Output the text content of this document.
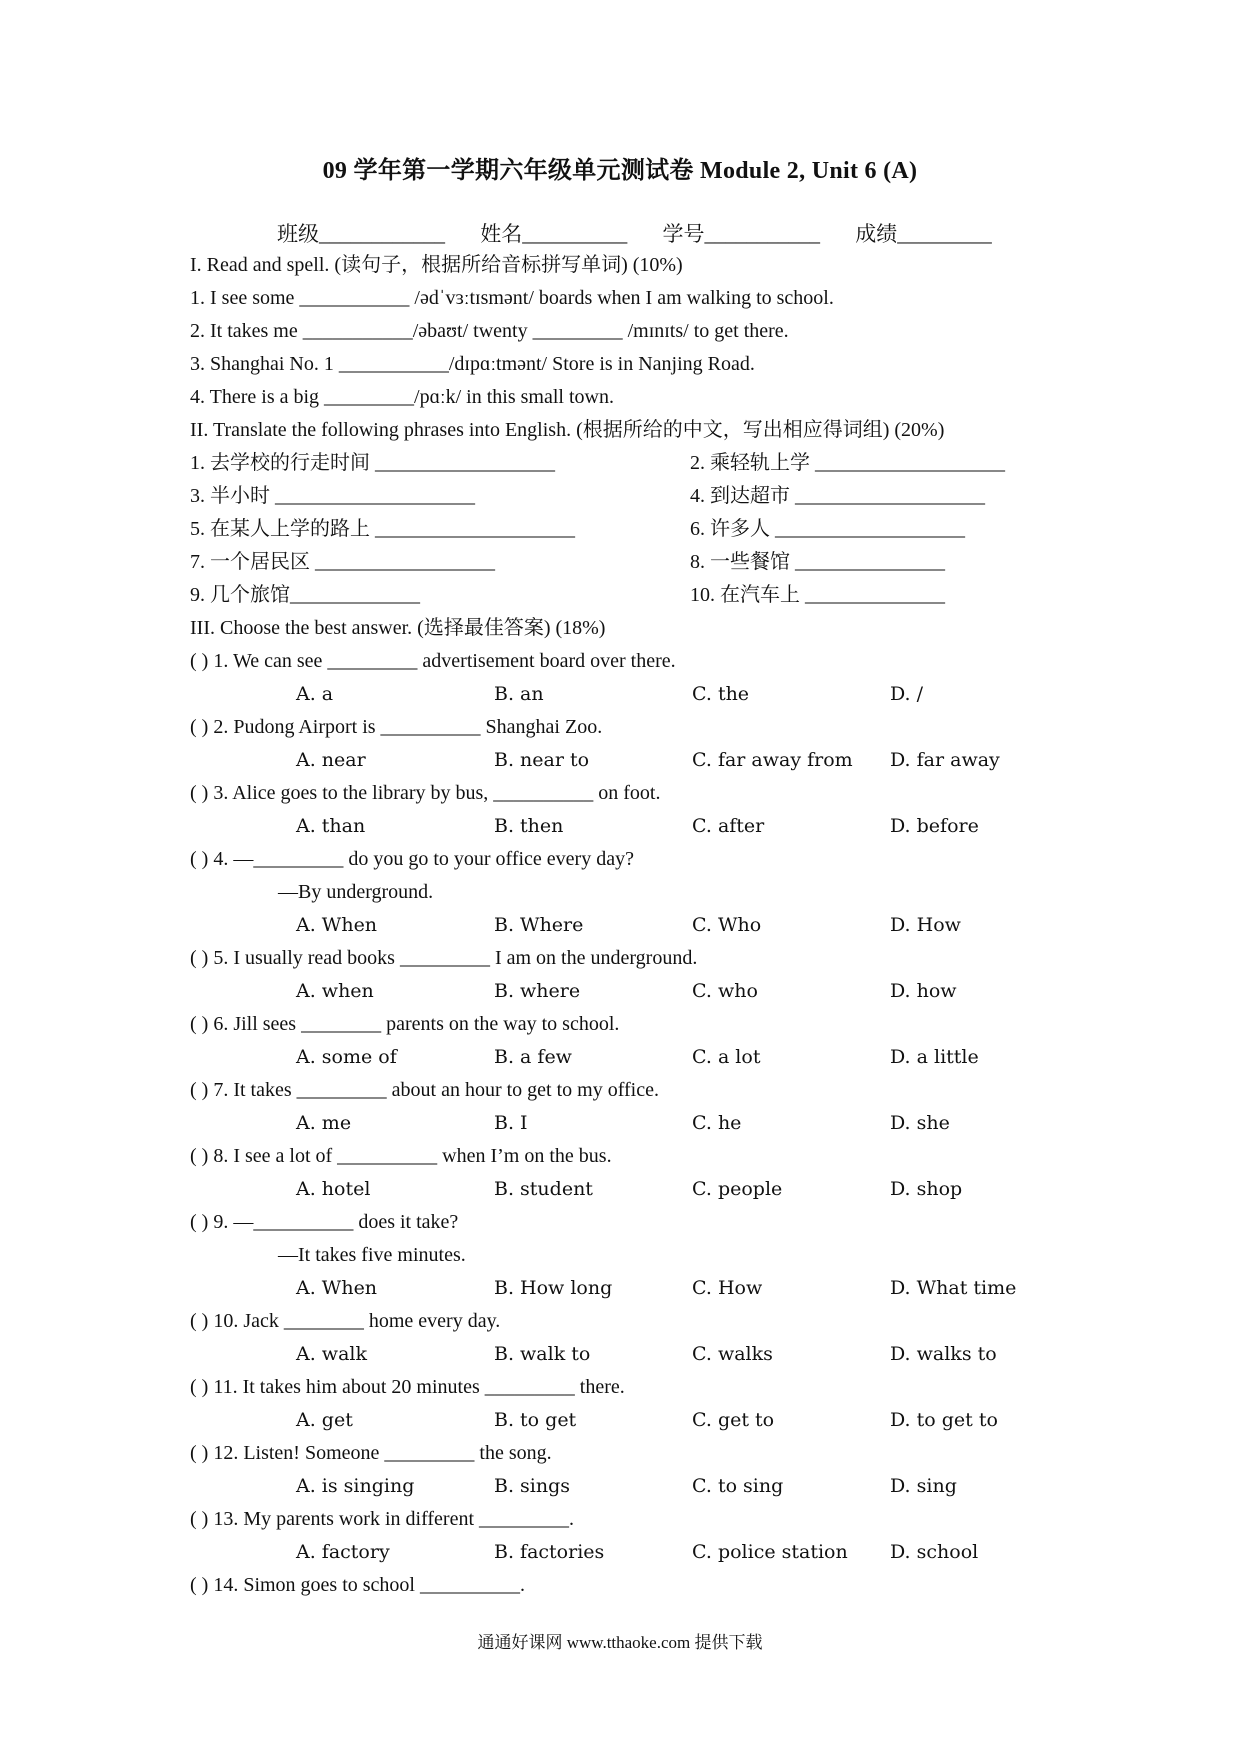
09 学年第一学期六年级单元测试卷 Module 2, Unit 6 (A)
班级____________ 姓名__________ 学号___________ 成绩_________
I. Read and spell. (读句子，根据所给音标拼写单词) (10%)
1. I see some ___________ /ədˈvɜːtɪsmənt/ boards when I am walking to school.
2. It takes me ___________/əbaʊt/ twenty _________ /mɪnɪts/ to get there.
3. Shanghai No. 1 ___________/dɪpɑːtmənt/ Store is in Nanjing Road.
4. There is a big _________/pɑːk/ in this small town.
II. Translate the following phrases into English. (根据所给的中文，写出相应得词组) (20%)
1. 去学校的行走时间 __________________	2. 乘轻轨上学 ___________________
3. 半小时 ____________________	4. 到达超市 ___________________
5. 在某人上学的路上 ____________________	6. 许多人 ___________________
7. 一个居民区 __________________	8. 一些餐馆 _______________
9. 几个旅馆_____________	10. 在汽车上 ______________
III. Choose the best answer. (选择最佳答案) (18%)
( ) 1. We can see _________ advertisement board over there.
A. a	B. an	C. the	D. /
( ) 2. Pudong Airport is __________ Shanghai Zoo.
A. near	B. near to	C. far away from D. far away
( ) 3. Alice goes to the library by bus, __________ on foot.
A. than	B. then	C. after	D. before
( ) 4. —_________ do you go to your office every day?
—By underground.
A. When	B. Where	C. Who	D. How
( ) 5. I usually read books _________ I am on the underground.
A. when	B. where	C. who	D. how
( ) 6. Jill sees ________ parents on the way to school.
A. some of	B. a few	C. a lot	D. a little
( ) 7. It takes _________ about an hour to get to my office.
A. me	B. I	C. he	D. she
( ) 8. I see a lot of __________ when I’m on the bus.
A. hotel	B. student	C. people	D. shop
( ) 9. —__________ does it take?
—It takes five minutes.
A. When	B. How long	C. How	D. What time
( ) 10. Jack ________ home every day.
A. walk	B. walk to	C. walks	D. walks to
( ) 11. It takes him about 20 minutes _________ there.
A. get	B. to get	C. get to	D. to get to
( ) 12. Listen! Someone _________ the song.
A. is singing	B. sings	C. to sing	D. sing
( ) 13. My parents work in different _________.
A. factory	B. factories	C. police station D. school
( ) 14. Simon goes to school __________.
通通好课网 www.tthaoke.com 提供下载
